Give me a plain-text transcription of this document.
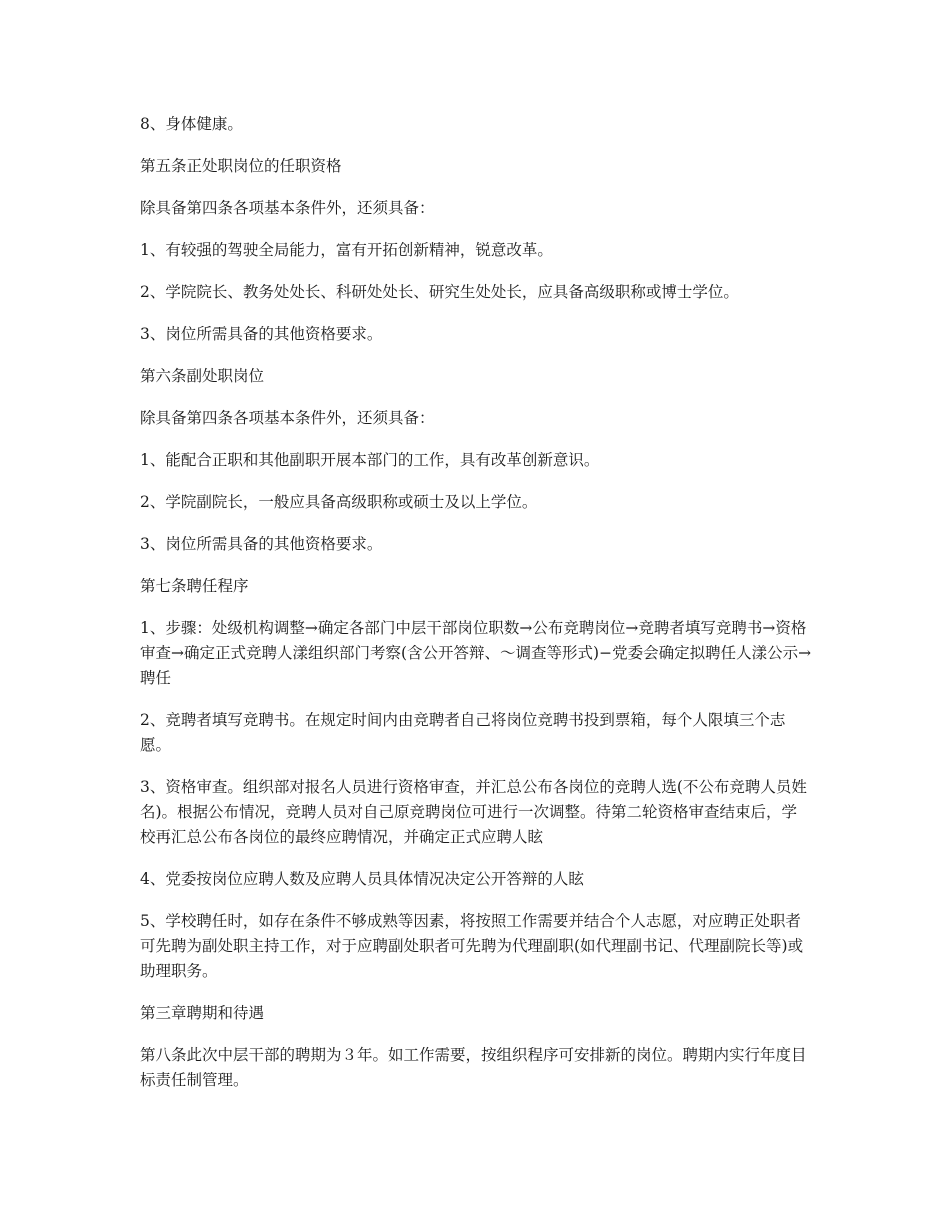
8、身体健康。

第五条正处职岗位的任职资格

除具备第四条各项基本条件外，还须具备：

1、有较强的驾驶全局能力，富有开拓创新精神，锐意改革。

2、学院院长、教务处处长、科研处处长、研究生处处长，应具备高级职称或博士学位。

3、岗位所需具备的其他资格要求。

第六条副处职岗位

除具备第四条各项基本条件外，还须具备：

1、能配合正职和其他副职开展本部门的工作，具有改革创新意识。

2、学院副院长，一般应具备高级职称或硕士及以上学位。

3、岗位所需具备的其他资格要求。

第七条聘任程序

1、步骤：处级机构调整→确定各部门中层干部岗位职数→公布竞聘岗位→竞聘者填写竞聘书→资格审查→确定正式竞聘人漾组织部门考察(含公开答辩、～调查等形式)−党委会确定拟聘任人漾公示→聘任

2、竞聘者填写竞聘书。在规定时间内由竞聘者自己将岗位竞聘书投到票箱，每个人限填三个志愿。

3、资格审查。组织部对报名人员进行资格审查，并汇总公布各岗位的竞聘人选(不公布竞聘人员姓名)。根据公布情况，竞聘人员对自己原竞聘岗位可进行一次调整。待第二轮资格审查结束后，学校再汇总公布各岗位的最终应聘情况，并确定正式应聘人眩

4、党委按岗位应聘人数及应聘人员具体情况决定公开答辩的人眩

5、学校聘任时，如存在条件不够成熟等因素，将按照工作需要并结合个人志愿，对应聘正处职者可先聘为副处职主持工作，对于应聘副处职者可先聘为代理副职(如代理副书记、代理副院长等)或助理职务。

第三章聘期和待遇

第八条此次中层干部的聘期为３年。如工作需要，按组织程序可安排新的岗位。聘期内实行年度目标责任制管理。
